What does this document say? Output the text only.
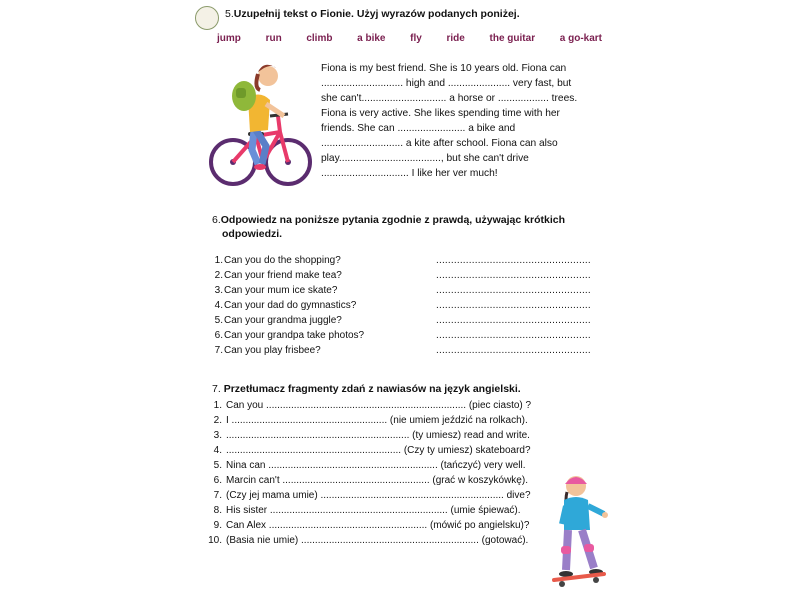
5.Uzupełnij tekst o Fionie. Użyj wyrazów podanych poniżej.
jump run climb a bike fly ride the guitar a go-kart

Fiona is my best friend. She is 10 years old. Fiona can

............................. high and ...................... very fast, but

she can't.............................. a horse or .................. trees.

Fiona is very active. She likes spending time with her

friends. She can ........................ a bike and

............................. a kite after school. Fiona can also

play...................................., but she can't drive

............................... I like her ver much!

6.Odpowiedz na poniższe pytania zgodnie z prawdą, używając krótkich
odpowiedzi.
1.Can you do the shopping?	....................................................
2.Can your friend make tea?	....................................................
3.Can your mum ice skate?	....................................................
4.Can your dad do gymnastics?	....................................................
5.Can your grandma juggle?	....................................................
6.Can your grandpa take photos?	....................................................
7.Can you play frisbee?	....................................................
7. Przetłumacz fragmenty zdań z nawiasów na język angielski.
1. Can you ........................................................................ (piec ciasto) ?
2. I ........................................................ (nie umiem jeździć na rolkach).
3. .................................................................. (ty umiesz) read and write.
4. ............................................................... (Czy ty umiesz) skateboard?
5. Nina can ............................................................. (tańczyć) very well.
6. Marcin can't ..................................................... (grać w koszykówkę).
7. (Czy jej mama umie) .................................................................. dive?
8. His sister ................................................................ (umie śpiewać).
9. Can Alex ......................................................... (mówić po angielsku)?
10. (Basia nie umie) ................................................................ (gotować).
